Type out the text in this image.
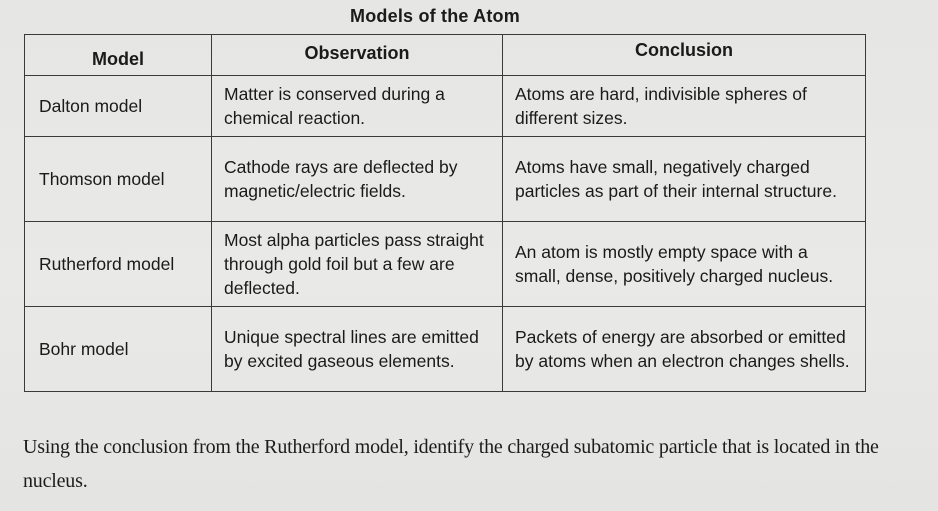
Models of the Atom
Model	Observation	Conclusion
Dalton model	Matter is conserved during a chemical reaction.	Atoms are hard, indivisible spheres of different sizes.
Thomson model	Cathode rays are deflected by magnetic/electric fields.	Atoms have small, negatively charged particles as part of their internal structure.
Rutherford model	Most alpha particles pass straight through gold foil but a few are deflected.	An atom is mostly empty space with a small, dense, positively charged nucleus.
Bohr model	Unique spectral lines are emitted by excited gaseous elements.	Packets of energy are absorbed or emitted by atoms when an electron changes shells.
Using the conclusion from the Rutherford model, identify the charged subatomic particle that is located in the nucleus.
